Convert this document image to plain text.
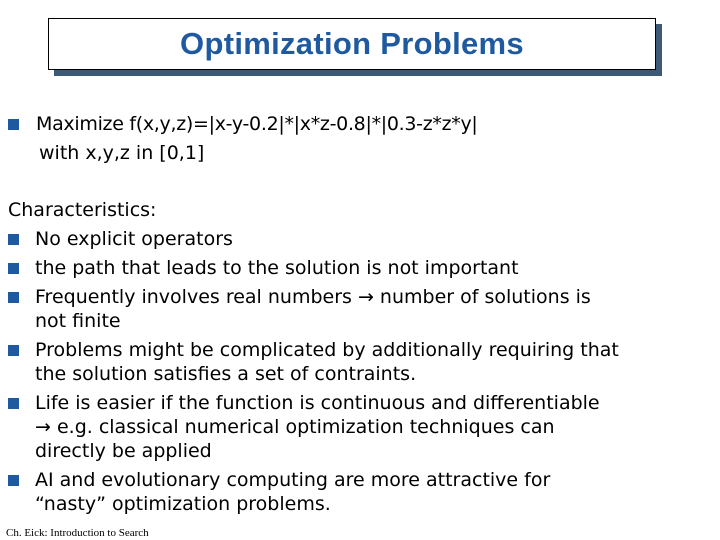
Optimization Problems
Maximize f(x,y,z)=|x-y-0.2|*|x*z-0.8|*|0.3-z*z*y|
with x,y,z in [0,1]
Characteristics:
No explicit operators
the path that leads to the solution is not important
Frequently involves real numbers → number of solutions is
not finite
Problems might be complicated by additionally requiring that
the solution satisfies a set of contraints.
Life is easier if the function is continuous and differentiable
→ e.g. classical numerical optimization techniques can
directly be applied
AI and evolutionary computing are more attractive for
“nasty” optimization problems.
Ch. Eick: Introduction to Search
